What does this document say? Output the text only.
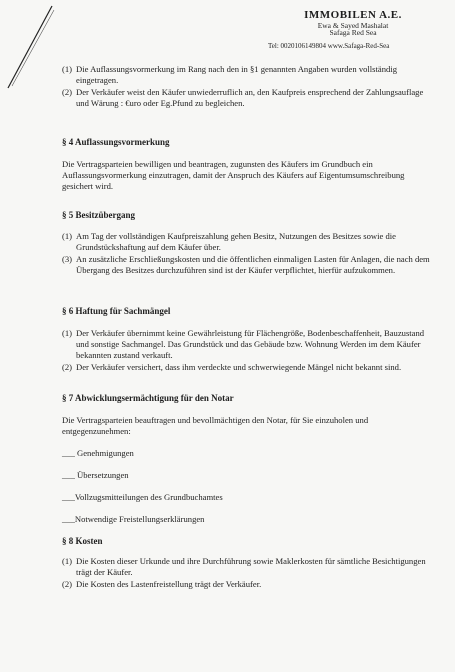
IMMOBILEN A.E.
Ewa & Sayed Mashalat
Safaga Red Sea
Tel: 0020106149804 www.Safaga-Red-Sea
(1) Die Auflassungsvormerkung im Rang nach den in §1 genannten Angaben wurden vollständig eingetragen.
(2) Der Verkäufer weist den Käufer unwiederruflich an, den Kaufpreis ensprechend der Zahlungsauflage und Wärung : €uro oder Eg.Pfund zu begleichen.

§ 4 Auflassungsvormerkung

Die Vertragsparteien bewilligen und beantragen, zugunsten des Käufers im Grundbuch ein Auflassungsvormerkung einzutragen, damit der Anspruch des Käufers auf Eigentumsumschreibung gesichert wird.

§ 5 Besitzübergang

(1) Am Tag der vollständigen Kaufpreiszahlung gehen Besitz, Nutzungen des Besitzes sowie die Grundstückshaftung auf dem Käufer über.
(3) An zusätzliche Erschließungskosten und die öffentlichen einmaligen Lasten für Anlagen, die nach dem Übergang des Besitzes durchzuführen sind ist der Käufer verpflichtet, hierfür aufzukommen.

§ 6 Haftung für Sachmängel

(1) Der Verkäufer übernimmt keine Gewährleistung für Flächengröße, Bodenbeschaffenheit, Bauzustand und sonstige Sachmangel. Das Grundstück und das Gebäude bzw. Wohnung Werden im dem Käufer bekannten zustand verkauft.
(2) Der Verkäufer versichert, dass ihm verdeckte und schwerwiegende Mängel nicht bekannt sind.

§ 7 Abwicklungsermächtigung für den Notar

Die Vertragsparteien beauftragen und bevollmächtigen den Notar, für Sie einzuholen und entgegenzunehmen:

___ Genehmigungen

___ Übersetzungen

___Vollzugsmitteilungen des Grundbuchamtes

___Notwendige Freistellungserklärungen

§ 8 Kosten

(1) Die Kosten dieser Urkunde und ihre Durchführung sowie Maklerkosten für sämtliche Besichtigungen trägt der Käufer.
(2) Die Kosten des Lastenfreistellung trägt der Verkäufer.
